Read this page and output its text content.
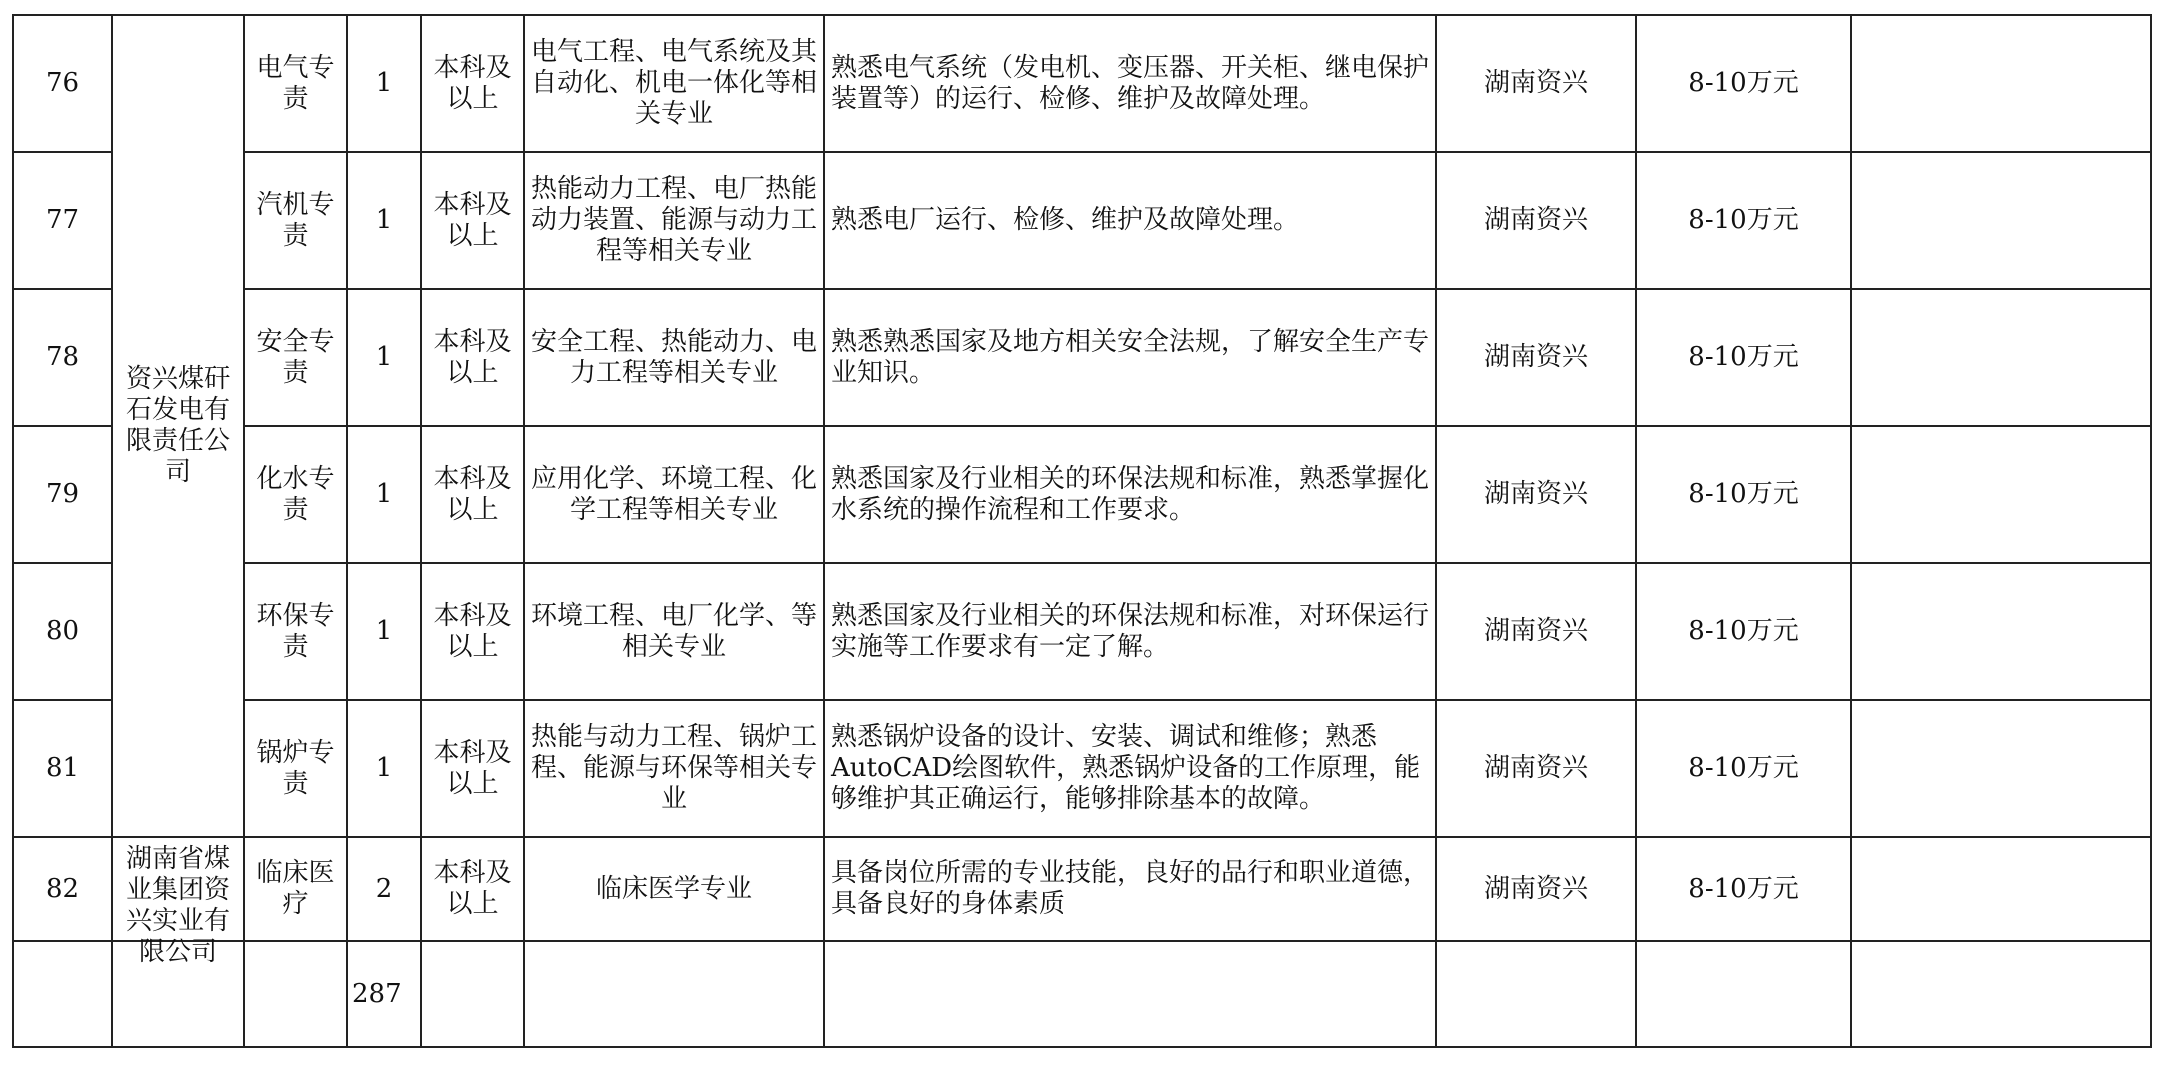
76	资兴煤矸石发电有限责任公司	电气专责	1	本科及以上	电气工程、电气系统及其自动化、机电一体化等相关专业	熟悉电气系统（发电机、变压器、开关柜、继电保护装置等）的运行、检修、维护及故障处理。	湖南资兴	8-10万元	
77		汽机专责	1	本科及以上	热能动力工程、电厂热能动力装置、能源与动力工程等相关专业	熟悉电厂运行、检修、维护及故障处理。	湖南资兴	8-10万元	
78		安全专责	1	本科及以上	安全工程、热能动力、电力工程等相关专业	熟悉熟悉国家及地方相关安全法规，了解安全生产专业知识。	湖南资兴	8-10万元	
79		化水专责	1	本科及以上	应用化学、环境工程、化学工程等相关专业	熟悉国家及行业相关的环保法规和标准，熟悉掌握化水系统的操作流程和工作要求。	湖南资兴	8-10万元	
80		环保专责	1	本科及以上	环境工程、电厂化学、等相关专业	熟悉国家及行业相关的环保法规和标准，对环保运行实施等工作要求有一定了解。	湖南资兴	8-10万元	
81		锅炉专责	1	本科及以上	热能与动力工程、锅炉工程、能源与环保等相关专业	熟悉锅炉设备的设计、安装、调试和维修；熟悉AutoCAD绘图软件，熟悉锅炉设备的工作原理，能够维护其正确运行，能够排除基本的故障。	湖南资兴	8-10万元	
82	湖南省煤业集团资兴实业有限公司	临床医疗	2	本科及以上	临床医学专业	具备岗位所需的专业技能，良好的品行和职业道德，具备良好的身体素质	湖南资兴	8-10万元	
			287						
